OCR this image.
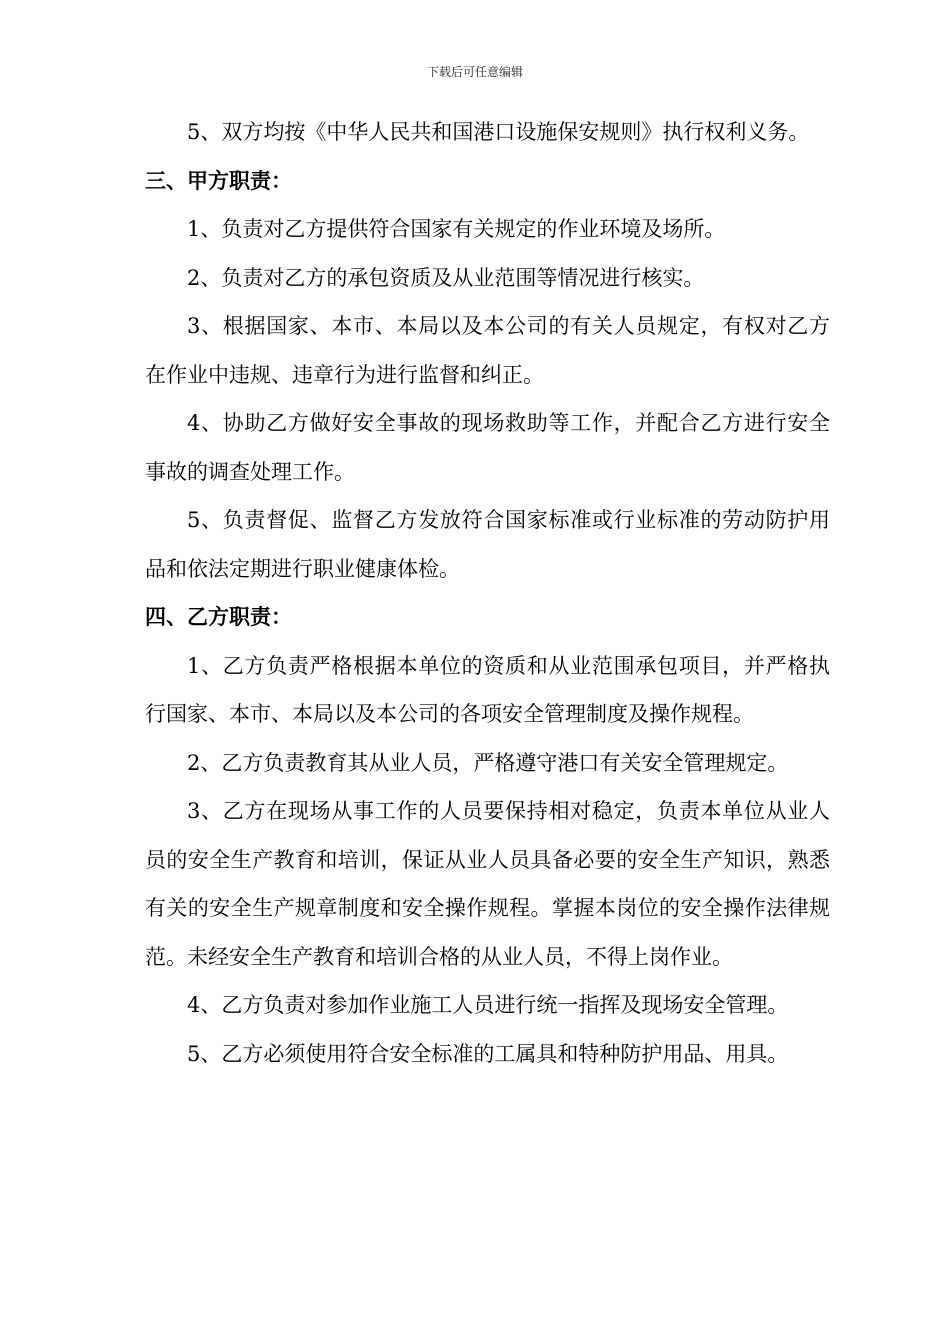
下载后可任意编辑

5、双方均按《中华人民共和国港口设施保安规则》执行权利义务。

三、甲方职责：

1、负责对乙方提供符合国家有关规定的作业环境及场所。

2、负责对乙方的承包资质及从业范围等情况进行核实。

3、根据国家、本市、本局以及本公司的有关人员规定，有权对乙方在作业中违规、违章行为进行监督和纠正。

4、协助乙方做好安全事故的现场救助等工作，并配合乙方进行安全事故的调查处理工作。

5、负责督促、监督乙方发放符合国家标准或行业标准的劳动防护用品和依法定期进行职业健康体检。

四、乙方职责：

1、乙方负责严格根据本单位的资质和从业范围承包项目，并严格执行国家、本市、本局以及本公司的各项安全管理制度及操作规程。

2、乙方负责教育其从业人员，严格遵守港口有关安全管理规定。

3、乙方在现场从事工作的人员要保持相对稳定，负责本单位从业人员的安全生产教育和培训，保证从业人员具备必要的安全生产知识，熟悉有关的安全生产规章制度和安全操作规程。掌握本岗位的安全操作法律规范。未经安全生产教育和培训合格的从业人员，不得上岗作业。

4、乙方负责对参加作业施工人员进行统一指挥及现场安全管理。

5、乙方必须使用符合安全标准的工属具和特种防护用品、用具。
